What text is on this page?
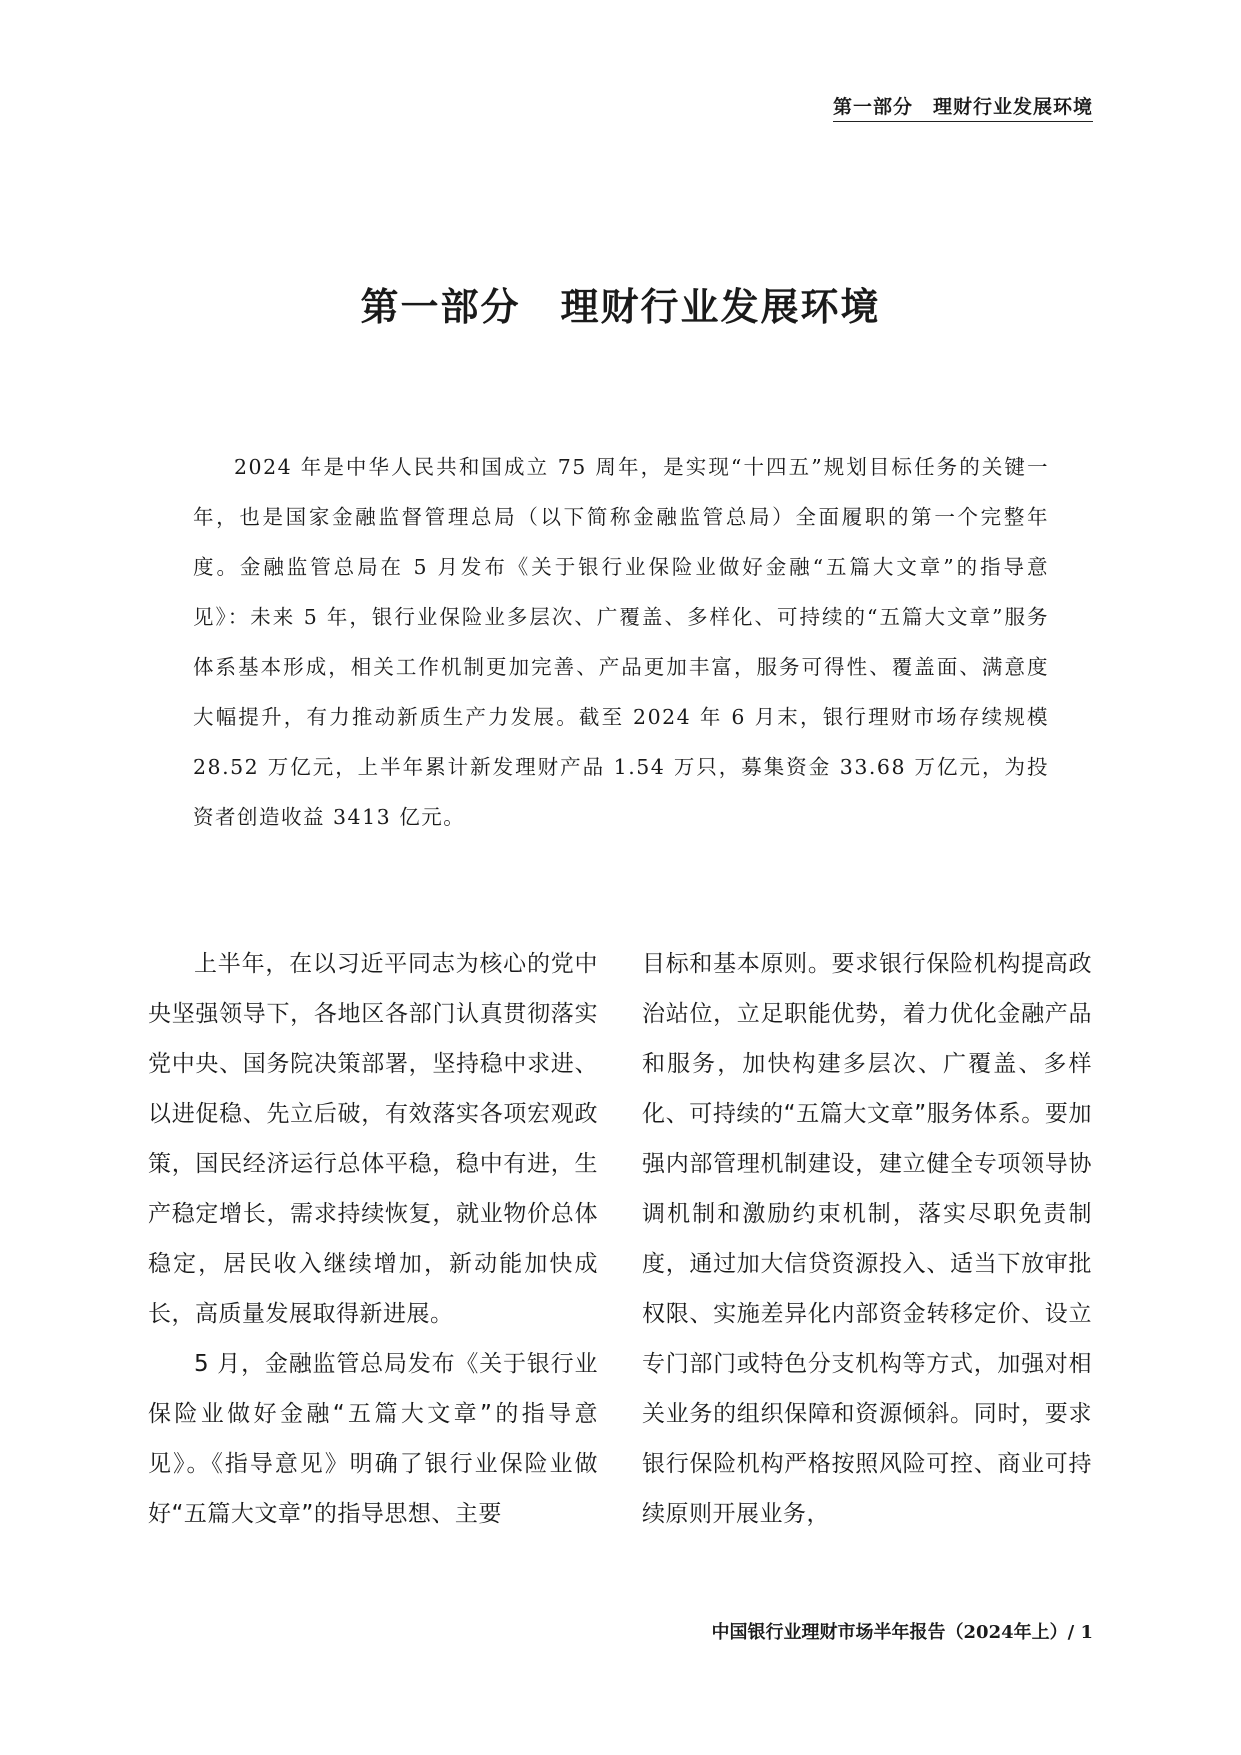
第一部分　理财行业发展环境
第一部分　理财行业发展环境

2024 年是中华人民共和国成立 75 周年，是实现“十四五”规划目标任务的关键一年，也是国家金融监督管理总局（以下简称金融监管总局）全面履职的第一个完整年度。金融监管总局在 5 月发布《关于银行业保险业做好金融“五篇大文章”的指导意见》：未来 5 年，银行业保险业多层次、广覆盖、多样化、可持续的“五篇大文章”服务体系基本形成，相关工作机制更加完善、产品更加丰富，服务可得性、覆盖面、满意度大幅提升，有力推动新质生产力发展。截至 2024 年 6 月末，银行理财市场存续规模 28.52 万亿元，上半年累计新发理财产品 1.54 万只，募集资金 33.68 万亿元，为投资者创造收益 3413 亿元。

上半年，在以习近平同志为核心的党中央坚强领导下，各地区各部门认真贯彻落实党中央、国务院决策部署，坚持稳中求进、以进促稳、先立后破，有效落实各项宏观政策，国民经济运行总体平稳，稳中有进，生产稳定增长，需求持续恢复，就业物价总体稳定，居民收入继续增加，新动能加快成长，高质量发展取得新进展。

5 月，金融监管总局发布《关于银行业保险业做好金融“五篇大文章”的指导意见》。《指导意见》明确了银行业保险业做好“五篇大文章”的指导思想、主要

目标和基本原则。要求银行保险机构提高政治站位，立足职能优势，着力优化金融产品和服务，加快构建多层次、广覆盖、多样化、可持续的“五篇大文章”服务体系。要加强内部管理机制建设，建立健全专项领导协调机制和激励约束机制，落实尽职免责制度，通过加大信贷资源投入、适当下放审批权限、实施差异化内部资金转移定价、设立专门部门或特色分支机构等方式，加强对相关业务的组织保障和资源倾斜。同时，要求银行保险机构严格按照风险可控、商业可持续原则开展业务，

中国银行业理财市场半年报告（2024年上）/ 1
